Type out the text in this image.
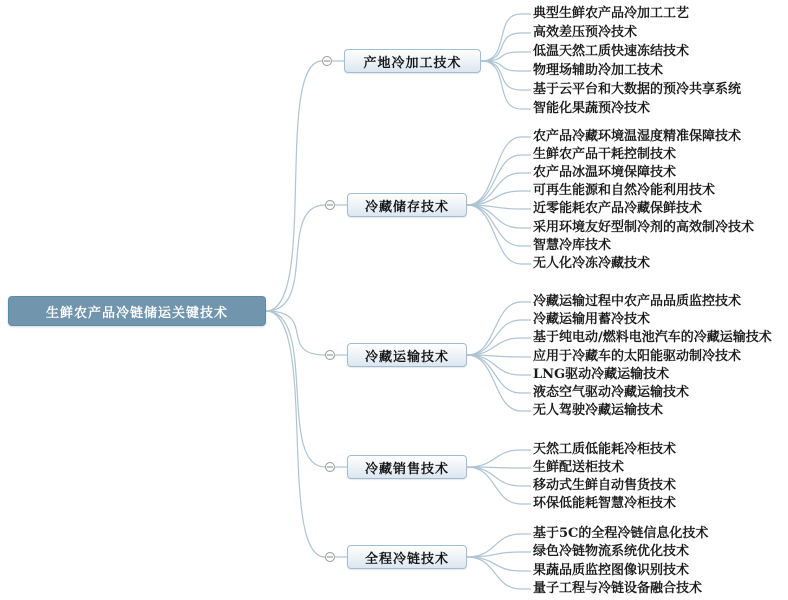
生鲜农产品冷链储运关键技术
产地冷加工技术
典型生鲜农产品冷加工工艺
高效差压预冷技术
低温天然工质快速冻结技术
物理场辅助冷加工技术
基于云平台和大数据的预冷共享系统
智能化果蔬预冷技术
冷藏储存技术
农产品冷藏环境温湿度精准保障技术
生鲜农产品干耗控制技术
农产品冰温环境保障技术
可再生能源和自然冷能利用技术
近零能耗农产品冷藏保鲜技术
采用环境友好型制冷剂的高效制冷技术
智慧冷库技术
无人化冷冻冷藏技术
冷藏运输技术
冷藏运输过程中农产品品质监控技术
冷藏运输用蓄冷技术
基于纯电动/燃料电池汽车的冷藏运输技术
应用于冷藏车的太阳能驱动制冷技术
LNG驱动冷藏运输技术
液态空气驱动冷藏运输技术
无人驾驶冷藏运输技术
冷藏销售技术
天然工质低能耗冷柜技术
生鲜配送柜技术
移动式生鲜自动售货技术
环保低能耗智慧冷柜技术
全程冷链技术
基于5C的全程冷链信息化技术
绿色冷链物流系统优化技术
果蔬品质监控图像识别技术
量子工程与冷链设备融合技术
